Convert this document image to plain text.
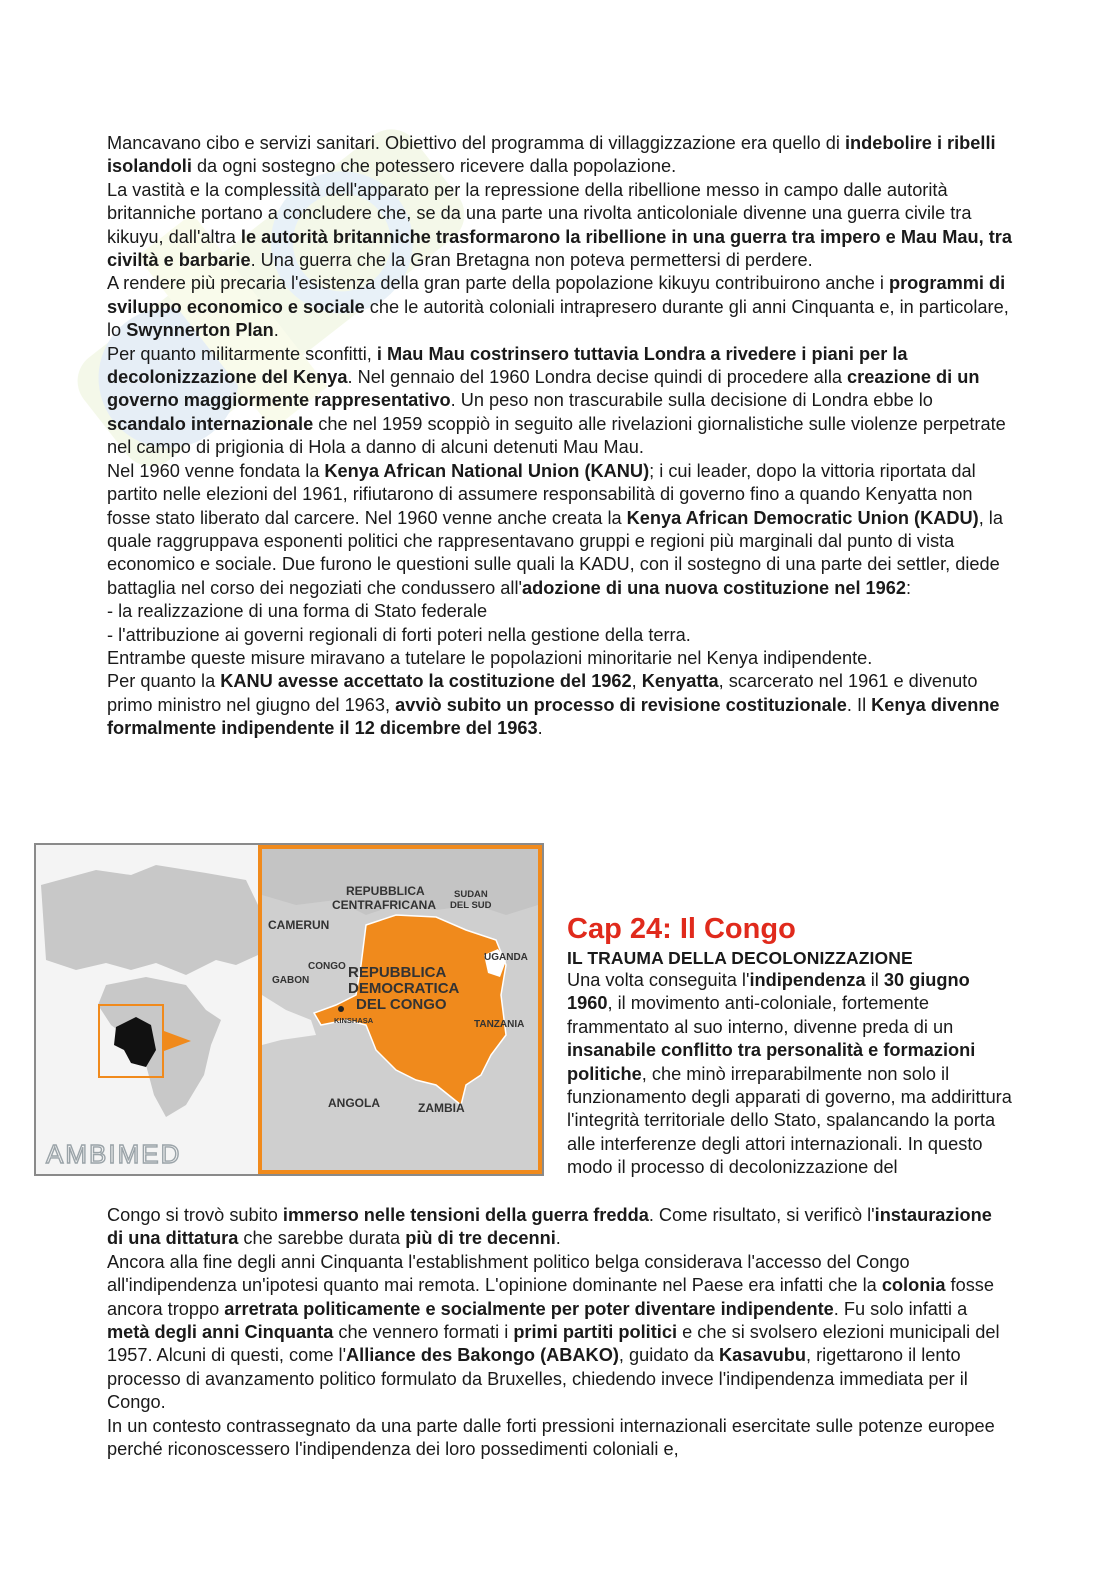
Mancavano cibo e servizi sanitari. Obiettivo del programma di villaggizzazione era quello di indebolire i ribelli isolandoli da ogni sostegno che potessero ricevere dalla popolazione.

La vastità e la complessità dell'apparato per la repressione della ribellione messo in campo dalle autorità britanniche portano a concludere che, se da una parte una rivolta anticoloniale divenne una guerra civile tra kikuyu, dall'altra le autorità britanniche trasformarono la ribellione in una guerra tra impero e Mau Mau, tra civiltà e barbarie. Una guerra che la Gran Bretagna non poteva permettersi di perdere.

A rendere più precaria l'esistenza della gran parte della popolazione kikuyu contribuirono anche i programmi di sviluppo economico e sociale che le autorità coloniali intrapresero durante gli anni Cinquanta e, in particolare, lo Swynnerton Plan.

Per quanto militarmente sconfitti, i Mau Mau costrinsero tuttavia Londra a rivedere i piani per la decolonizzazione del Kenya. Nel gennaio del 1960 Londra decise quindi di procedere alla creazione di un governo maggiormente rappresentativo. Un peso non trascurabile sulla decisione di Londra ebbe lo scandalo internazionale che nel 1959 scoppiò in seguito alle rivelazioni giornalistiche sulle violenze perpetrate nel campo di prigionia di Hola a danno di alcuni detenuti Mau Mau.

Nel 1960 venne fondata la Kenya African National Union (KANU); i cui leader, dopo la vittoria riportata dal partito nelle elezioni del 1961, rifiutarono di assumere responsabilità di governo fino a quando Kenyatta non fosse stato liberato dal carcere. Nel 1960 venne anche creata la Kenya African Democratic Union (KADU), la quale raggruppava esponenti politici che rappresentavano gruppi e regioni più marginali dal punto di vista economico e sociale. Due furono le questioni sulle quali la KADU, con il sostegno di una parte dei settler, diede battaglia nel corso dei negoziati che condussero all'adozione di una nuova costituzione nel 1962:

- la realizzazione di una forma di Stato federale

- l'attribuzione ai governi regionali di forti poteri nella gestione della terra.

Entrambe queste misure miravano a tutelare le popolazioni minoritarie nel Kenya indipendente.

Per quanto la KANU avesse accettato la costituzione del 1962, Kenyatta, scarcerato nel 1961 e divenuto primo ministro nel giugno del 1963, avviò subito un processo di revisione costituzionale. Il Kenya divenne formalmente indipendente il 12 dicembre del 1963.

AMBIMED
REPUBBLICA
CENTRAFRICANA
SUDAN
DEL SUD
CAMERUN
CONGO
GABON	REPUBBLICA
DEMOCRATICA
DEL CONGO
KINSHASA
UGANDA
TANZANIA
ANGOLA	ZAMBIA
Cap 24: Il Congo
IL TRAUMA DELLA DECOLONIZZAZIONE

Una volta conseguita l'indipendenza il 30 giugno 1960, il movimento anti-coloniale, fortemente frammentato al suo interno, divenne preda di un insanabile conflitto tra personalità e formazioni politiche, che minò irreparabilmente non solo il funzionamento degli apparati di governo, ma addirittura l'integrità territoriale dello Stato, spalancando la porta alle interferenze degli attori internazionali. In questo modo il processo di decolonizzazione del

Congo si trovò subito immerso nelle tensioni della guerra fredda. Come risultato, si verificò l'instaurazione di una dittatura che sarebbe durata più di tre decenni.

Ancora alla fine degli anni Cinquanta l'establishment politico belga considerava l'accesso del Congo all'indipendenza un'ipotesi quanto mai remota. L'opinione dominante nel Paese era infatti che la colonia fosse ancora troppo arretrata politicamente e socialmente per poter diventare indipendente. Fu solo infatti a metà degli anni Cinquanta che vennero formati i primi partiti politici e che si svolsero elezioni municipali del 1957. Alcuni di questi, come l'Alliance des Bakongo (ABAKO), guidato da Kasavubu, rigettarono il lento processo di avanzamento politico formulato da Bruxelles, chiedendo invece l'indipendenza immediata per il Congo.

In un contesto contrassegnato da una parte dalle forti pressioni internazionali esercitate sulle potenze europee perché riconoscessero l'indipendenza dei loro possedimenti coloniali e,
